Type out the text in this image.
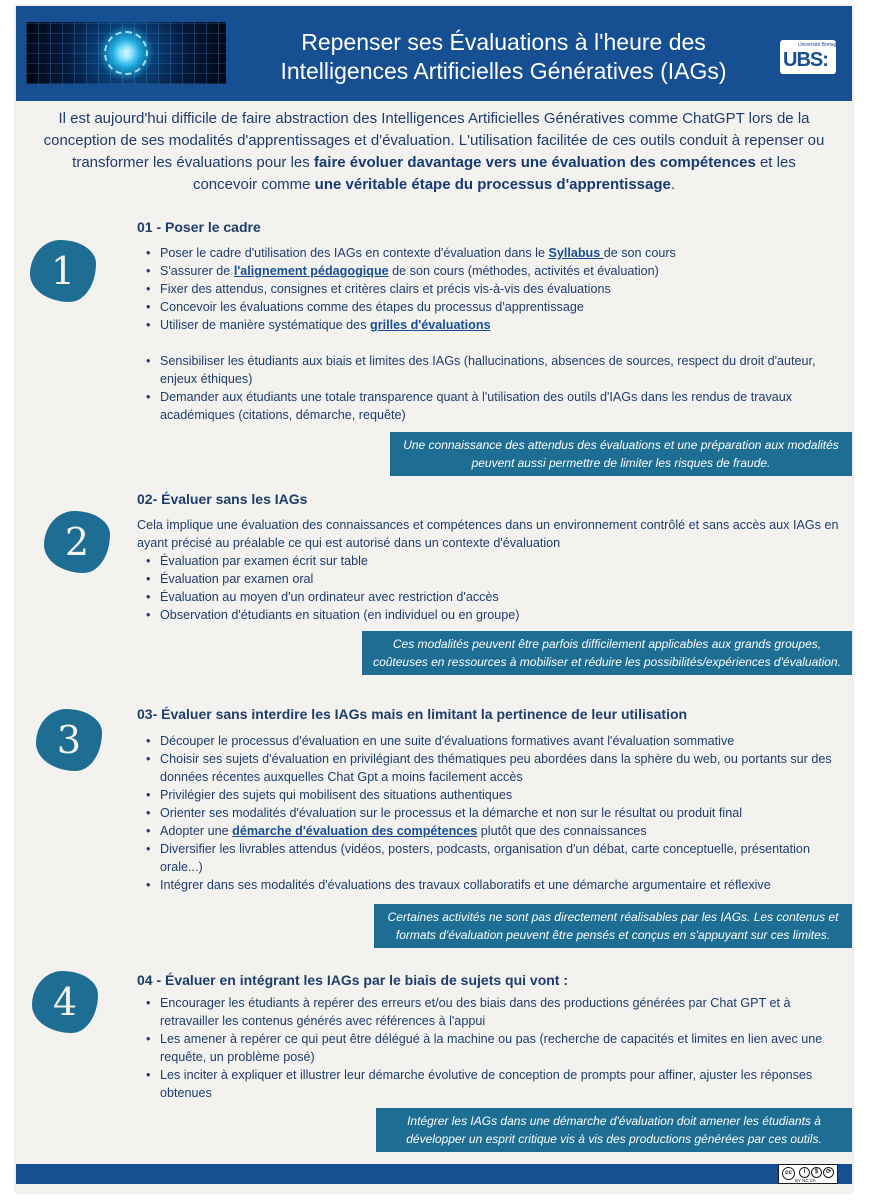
Repenser ses Évaluations à l'heure des
Intelligences Artificielles Génératives (IAGs)
Université Bretagne Sud
UBS:
Il est aujourd'hui difficile de faire abstraction des Intelligences Artificielles Génératives comme ChatGPT lors de la conception de ses modalités d'apprentissages et d'évaluation. L'utilisation facilitée de ces outils conduit à repenser ou transformer les évaluations pour les faire évoluer davantage vers une évaluation des compétences et les concevoir comme une véritable étape du processus d'apprentissage.
1
01 - Poser le cadre
• Poser le cadre d'utilisation des IAGs en contexte d'évaluation dans le Syllabus de son cours
• S'assurer de l'alignement pédagogique de son cours (méthodes, activités et évaluation)
• Fixer des attendus, consignes et critères clairs et précis vis-à-vis des évaluations
• Concevoir les évaluations comme des étapes du processus d'apprentissage
• Utiliser de manière systématique des grilles d'évaluations
• Sensibiliser les étudiants aux biais et limites des IAGs (hallucinations, absences de sources, respect du droit d'auteur, enjeux éthiques)
• Demander aux étudiants une totale transparence quant à l'utilisation des outils d'IAGs dans les rendus de travaux académiques (citations, démarche, requête)
Une connaissance des attendus des évaluations et une préparation aux modalités peuvent aussi permettre de limiter les risques de fraude.
2
02- Évaluer sans les IAGs
Cela implique une évaluation des connaissances et compétences dans un environnement contrôlé et sans accès aux IAGs en ayant précisé au préalable ce qui est autorisé dans un contexte d'évaluation
• Évaluation par examen écrit sur table
• Évaluation par examen oral
• Évaluation au moyen d'un ordinateur avec restriction d'accès
• Observation d'étudiants en situation (en individuel ou en groupe)
Ces modalités peuvent être parfois difficilement applicables aux grands groupes, coûteuses en ressources à mobiliser et réduire les possibilités/expériences d'évaluation.
3
03- Évaluer sans interdire les IAGs mais en limitant la pertinence de leur utilisation
• Découper le processus d'évaluation en une suite d'évaluations formatives avant l'évaluation sommative
• Choisir ses sujets d'évaluation en privilégiant des thématiques peu abordées dans la sphère du web, ou portants sur des données récentes auxquelles Chat Gpt a moins facilement accès
• Privilégier des sujets qui mobilisent des situations authentiques
• Orienter ses modalités d'évaluation sur le processus et la démarche et non sur le résultat ou produit final
• Adopter une démarche d'évaluation des compétences plutôt que des connaissances
• Diversifier les livrables attendus (vidéos, posters, podcasts, organisation d'un débat, carte conceptuelle, présentation orale...)
• Intégrer dans ses modalités d'évaluations des travaux collaboratifs et une démarche argumentaire et réflexive
Certaines activités ne sont pas directement réalisables par les IAGs. Les contenus et formats d'évaluation peuvent être pensés et conçus en s'appuyant sur ces limites.
4	04 - Évaluer en intégrant les IAGs par le biais de sujets qui vont :
• Encourager les étudiants à repérer des erreurs et/ou des biais dans des productions générées par Chat GPT et à retravailler les contenus générés avec références à l'appui
• Les amener à repérer ce qui peut être délégué à la machine ou pas (recherche de capacités et limites en lien avec une requête, un problème posé)
• Les inciter à expliquer et illustrer leur démarche évolutive de conception de prompts pour affiner, ajuster les réponses obtenues
Intégrer les IAGs dans une démarche d'évaluation doit amener les étudiants à développer un esprit critique vis à vis des productions générées par ces outils.
cc	i	$	⟳
BY NC SA
